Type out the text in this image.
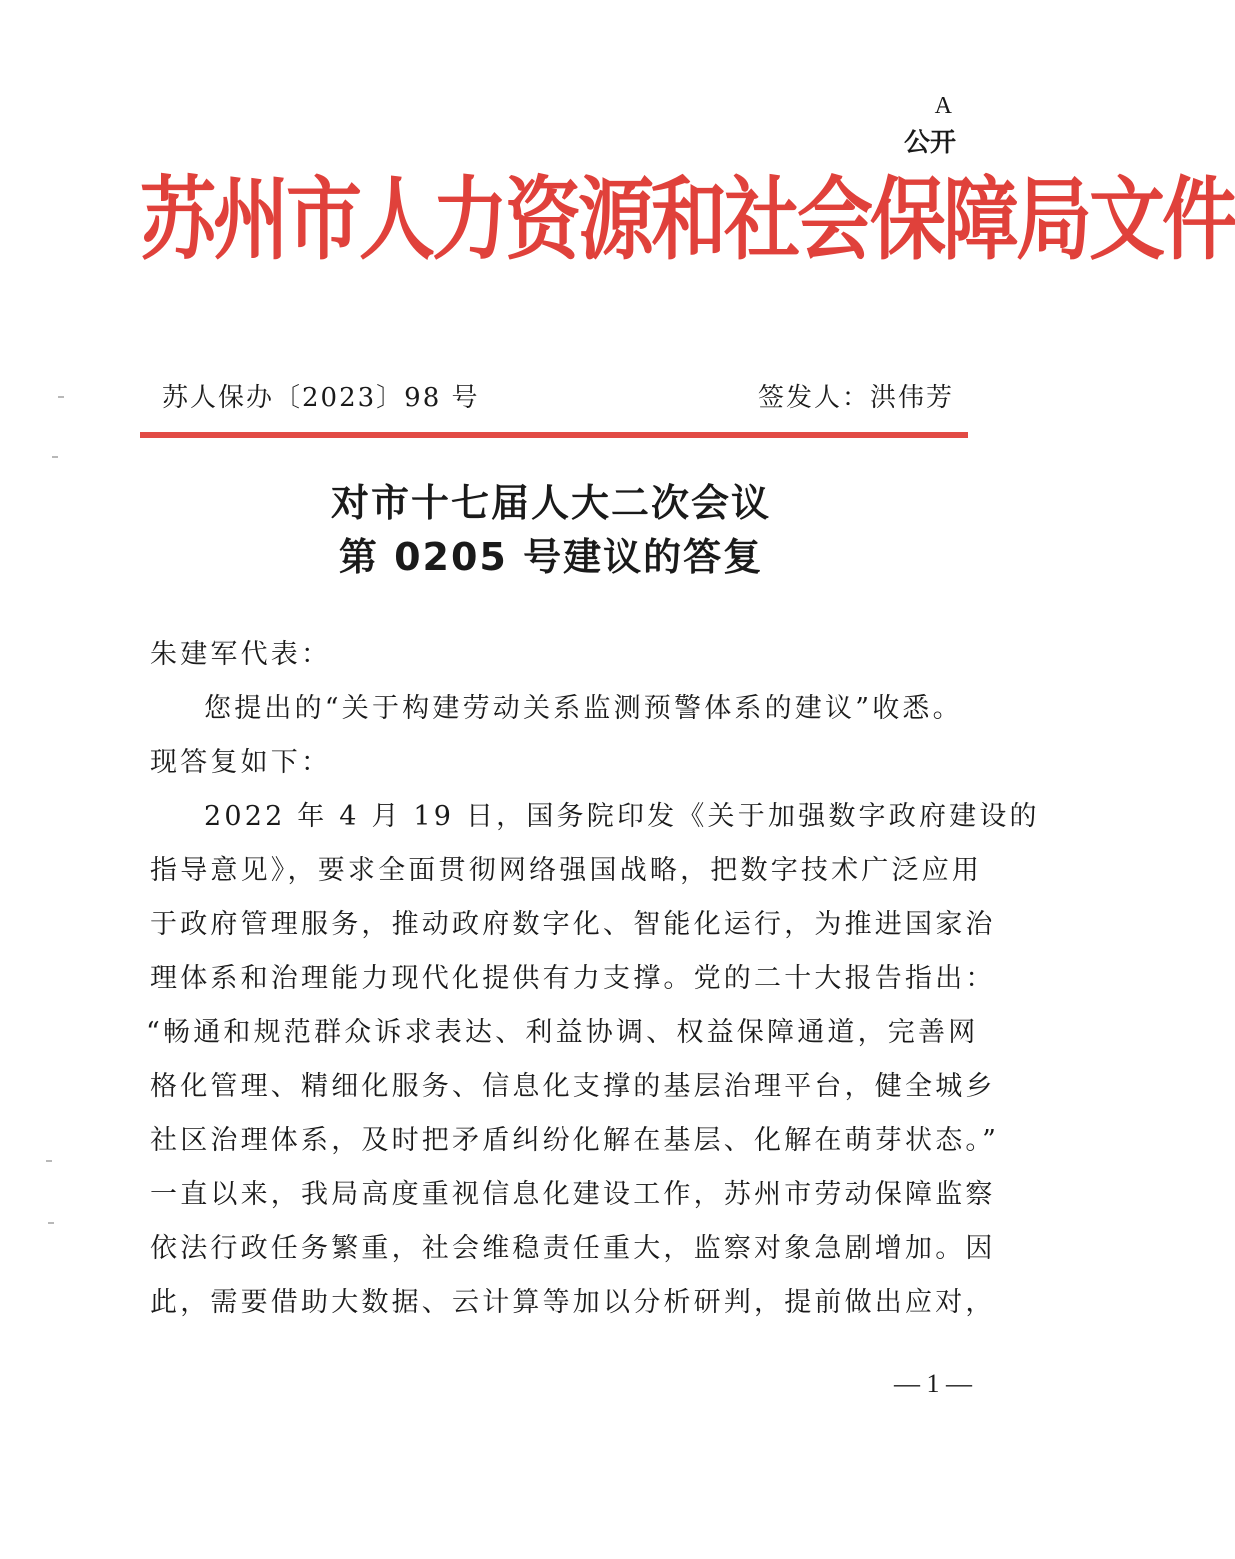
A
公开
苏州市人力资源和社会保障局文件
苏人保办〔2023〕98 号	签发人：洪伟芳
对市十七届人大二次会议
第 0205 号建议的答复
朱建军代表：
您提出的“关于构建劳动关系监测预警体系的建议”收悉。
现答复如下：
2022 年 4 月 19 日，国务院印发《关于加强数字政府建设的
指导意见》，要求全面贯彻网络强国战略，把数字技术广泛应用
于政府管理服务，推动政府数字化、智能化运行，为推进国家治
理体系和治理能力现代化提供有力支撑。党的二十大报告指出：
“畅通和规范群众诉求表达、利益协调、权益保障通道，完善网
格化管理、精细化服务、信息化支撑的基层治理平台，健全城乡
社区治理体系，及时把矛盾纠纷化解在基层、化解在萌芽状态。”
一直以来，我局高度重视信息化建设工作，苏州市劳动保障监察
依法行政任务繁重，社会维稳责任重大，监察对象急剧增加。因
此，需要借助大数据、云计算等加以分析研判，提前做出应对，
— 1 —
